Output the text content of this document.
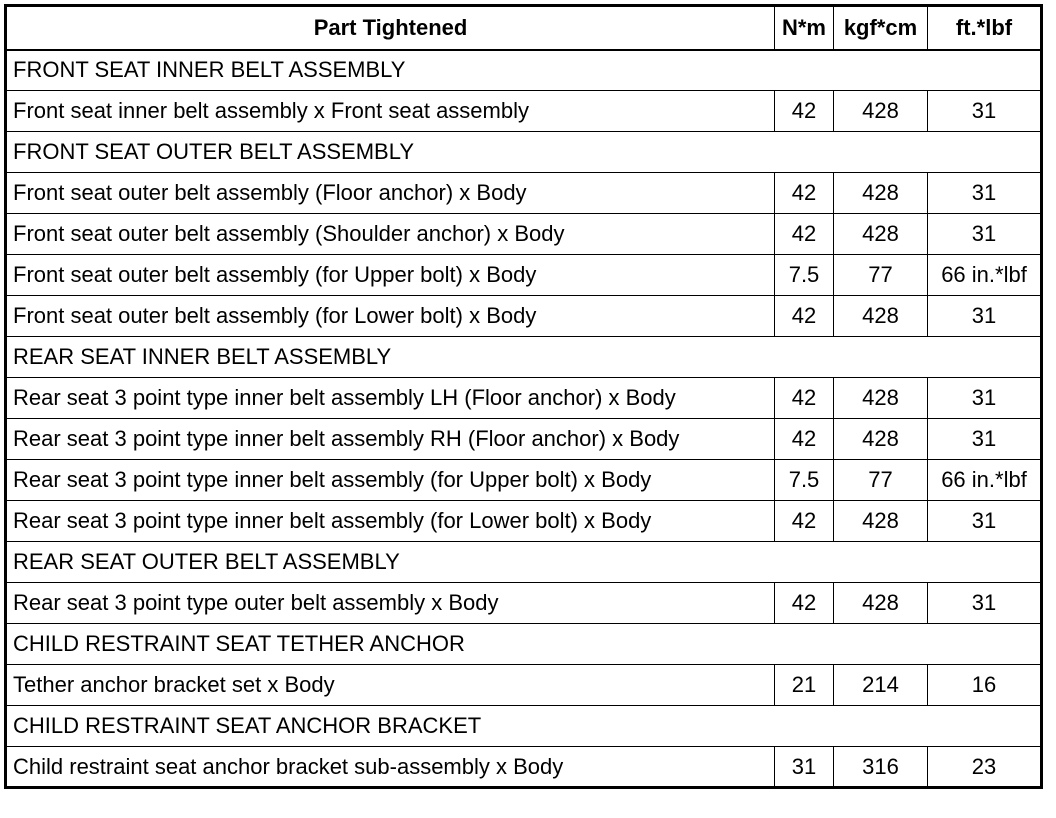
Part Tightened	N*m	kgf*cm	ft.*lbf
FRONT SEAT INNER BELT ASSEMBLY			
Front seat inner belt assembly x Front seat assembly	42	428	31
FRONT SEAT OUTER BELT ASSEMBLY			
Front seat outer belt assembly (Floor anchor) x Body	42	428	31
Front seat outer belt assembly (Shoulder anchor) x Body	42	428	31
Front seat outer belt assembly (for Upper bolt) x Body	7.5	77	66 in.*lbf
Front seat outer belt assembly (for Lower bolt) x Body	42	428	31
REAR SEAT INNER BELT ASSEMBLY			
Rear seat 3 point type inner belt assembly LH (Floor anchor) x Body	42	428	31
Rear seat 3 point type inner belt assembly RH (Floor anchor) x Body	42	428	31
Rear seat 3 point type inner belt assembly (for Upper bolt) x Body	7.5	77	66 in.*lbf
Rear seat 3 point type inner belt assembly (for Lower bolt) x Body	42	428	31
REAR SEAT OUTER BELT ASSEMBLY			
Rear seat 3 point type outer belt assembly x Body	42	428	31
CHILD RESTRAINT SEAT TETHER ANCHOR			
Tether anchor bracket set x Body	21	214	16
CHILD RESTRAINT SEAT ANCHOR BRACKET			
Child restraint seat anchor bracket sub-assembly x Body	31	316	23
